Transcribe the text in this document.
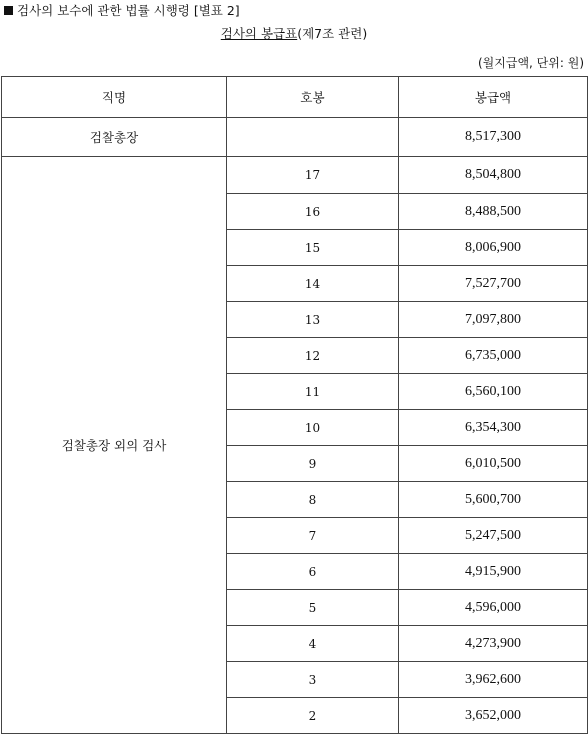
검사의 보수에 관한 법률 시행령 [별표 2]
검사의 봉급표(제7조 관련)
(월지급액, 단위: 원)
직명	호봉	봉급액
검찰총장		8,517,300
검찰총장 외의 검사	17	8,504,800
	16	8,488,500
	15	8,006,900
	14	7,527,700
	13	7,097,800
	12	6,735,000
	11	6,560,100
	10	6,354,300
	9	6,010,500
	8	5,600,700
	7	5,247,500
	6	4,915,900
	5	4,596,000
	4	4,273,900
	3	3,962,600
	2	3,652,000
